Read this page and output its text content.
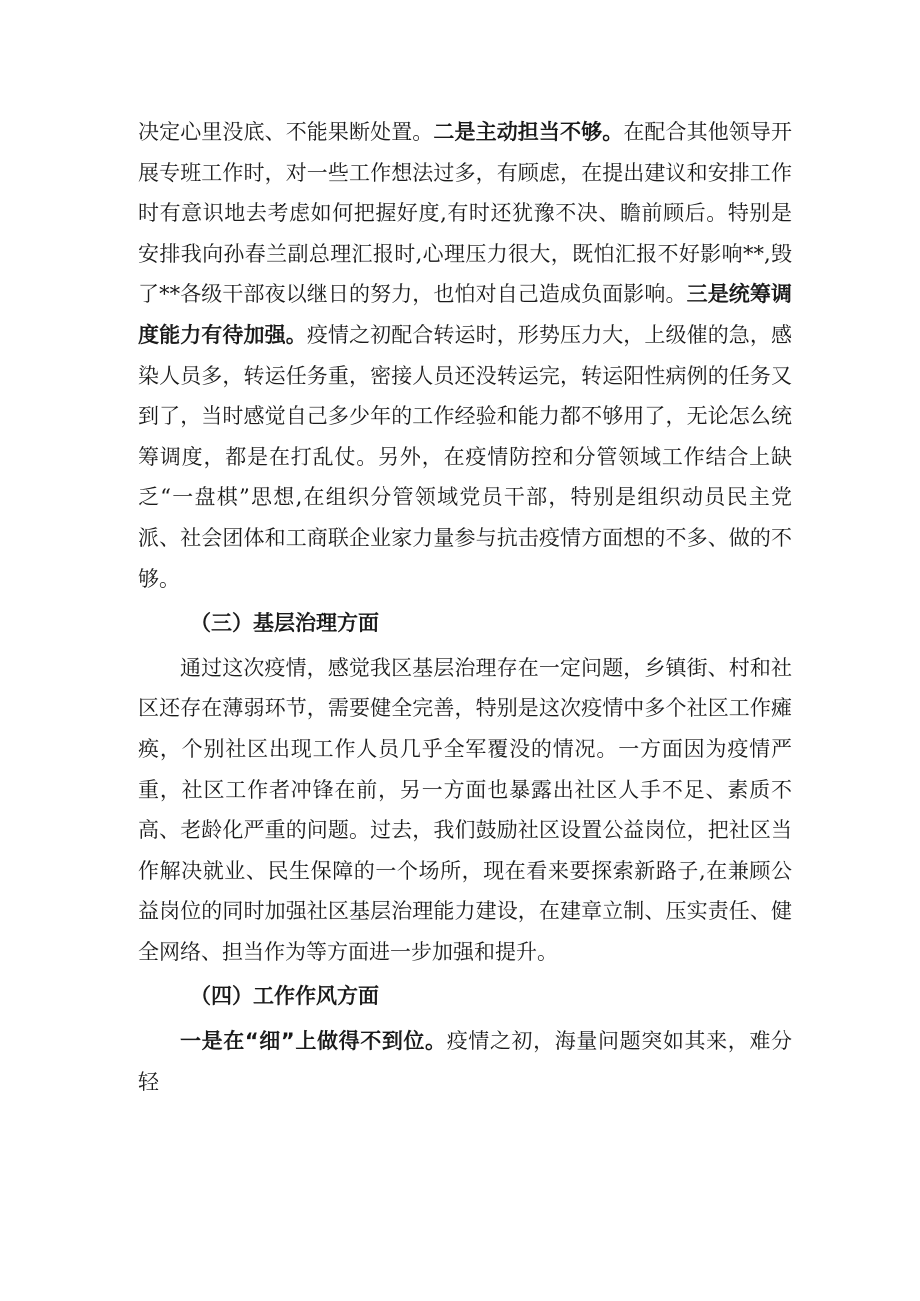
决定心里没底、不能果断处置。二是主动担当不够。在配合其他领导开展专班工作时，对一些工作想法过多，有顾虑，在提出建议和安排工作时有意识地去考虑如何把握好度,有时还犹豫不决、瞻前顾后。特别是安排我向孙春兰副总理汇报时,心理压力很大，既怕汇报不好影响**,毁了**各级干部夜以继日的努力，也怕对自己造成负面影响。三是统筹调度能力有待加强。疫情之初配合转运时，形势压力大，上级催的急，感染人员多，转运任务重，密接人员还没转运完，转运阳性病例的任务又到了，当时感觉自己多少年的工作经验和能力都不够用了，无论怎么统筹调度，都是在打乱仗。另外，在疫情防控和分管领域工作结合上缺乏“一盘棋”思想,在组织分管领域党员干部，特别是组织动员民主党派、社会团体和工商联企业家力量参与抗击疫情方面想的不多、做的不够。

（三）基层治理方面

通过这次疫情，感觉我区基层治理存在一定问题，乡镇街、村和社区还存在薄弱环节，需要健全完善，特别是这次疫情中多个社区工作瘫痪，个别社区出现工作人员几乎全军覆没的情况。一方面因为疫情严重，社区工作者冲锋在前，另一方面也暴露出社区人手不足、素质不高、老龄化严重的问题。过去，我们鼓励社区设置公益岗位，把社区当作解决就业、民生保障的一个场所，现在看来要探索新路子,在兼顾公益岗位的同时加强社区基层治理能力建设，在建章立制、压实责任、健全网络、担当作为等方面进一步加强和提升。

（四）工作作风方面

一是在“细”上做得不到位。疫情之初，海量问题突如其来，难分轻
